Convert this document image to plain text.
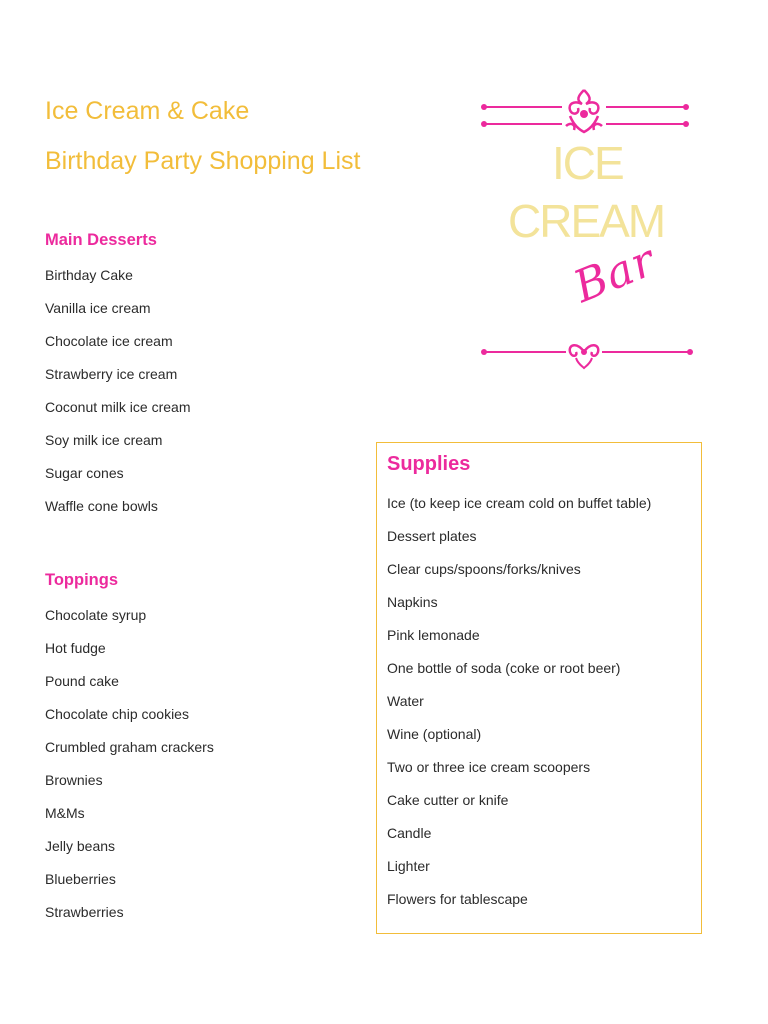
Ice Cream & Cake
Birthday Party Shopping List	ICE
CREAM
Bar
Main Desserts
Birthday Cake
Vanilla ice cream
Chocolate ice cream
Strawberry ice cream
Coconut milk ice cream
Soy milk ice cream
Sugar cones
Waffle cone bowls
Toppings
Chocolate syrup
Hot fudge
Pound cake
Chocolate chip cookies
Crumbled graham crackers
Brownies
M&Ms
Jelly beans
Blueberries
Strawberries
Supplies
Ice (to keep ice cream cold on buffet table)
Dessert plates
Clear cups/spoons/forks/knives
Napkins
Pink lemonade
One bottle of soda (coke or root beer)
Water
Wine (optional)
Two or three ice cream scoopers
Cake cutter or knife
Candle
Lighter
Flowers for tablescape
